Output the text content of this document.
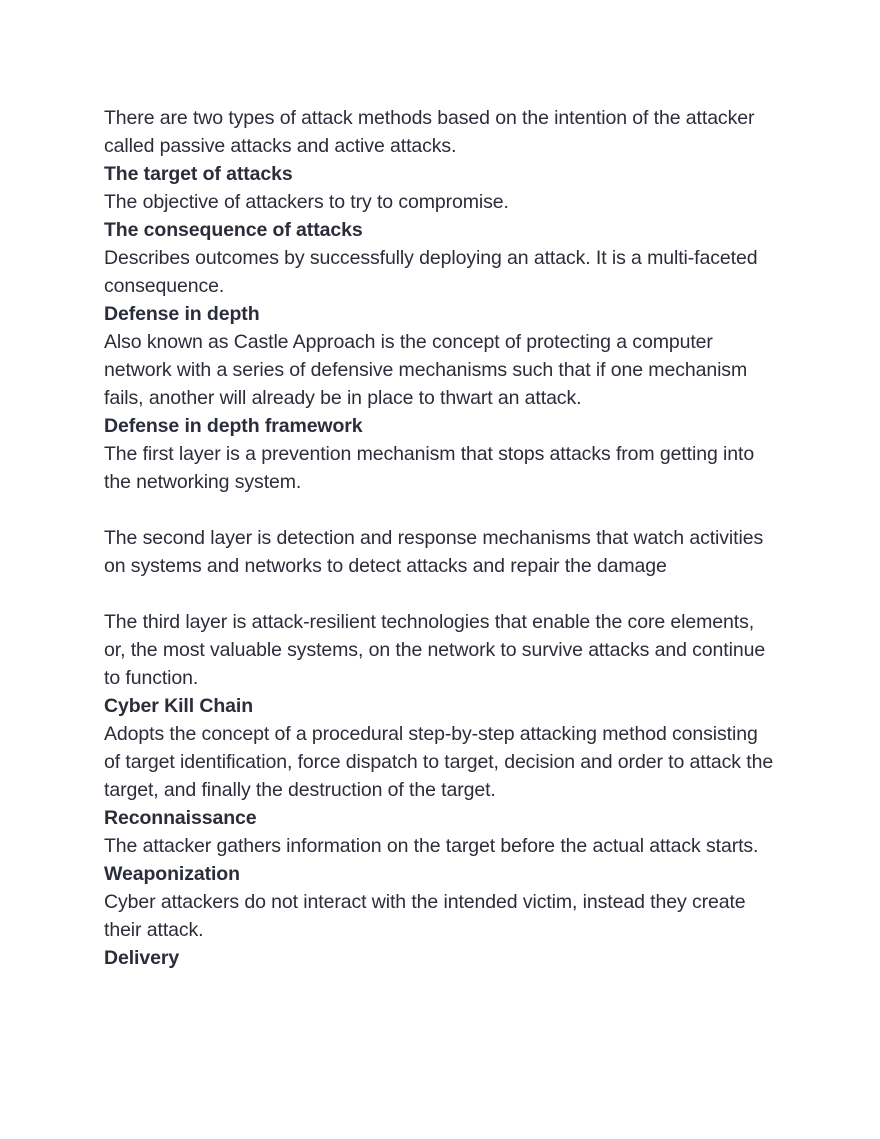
There are two types of attack methods based on the intention of the attacker called passive attacks and active attacks.

The target of attacks

The objective of attackers to try to compromise.

The consequence of attacks

Describes outcomes by successfully deploying an attack. It is a multi-faceted consequence.

Defense in depth

Also known as Castle Approach is the concept of protecting a computer network with a series of defensive mechanisms such that if one mechanism fails, another will already be in place to thwart an attack.

Defense in depth framework

The first layer is a prevention mechanism that stops attacks from getting into the networking system.

The second layer is detection and response mechanisms that watch activities on systems and networks to detect attacks and repair the damage

The third layer is attack-resilient technologies that enable the core elements, or, the most valuable systems, on the network to survive attacks and continue to function.

Cyber Kill Chain

Adopts the concept of a procedural step-by-step attacking method consisting of target identification, force dispatch to target, decision and order to attack the target, and finally the destruction of the target.

Reconnaissance

The attacker gathers information on the target before the actual attack starts.

Weaponization

Cyber attackers do not interact with the intended victim, instead they create their attack.

Delivery
